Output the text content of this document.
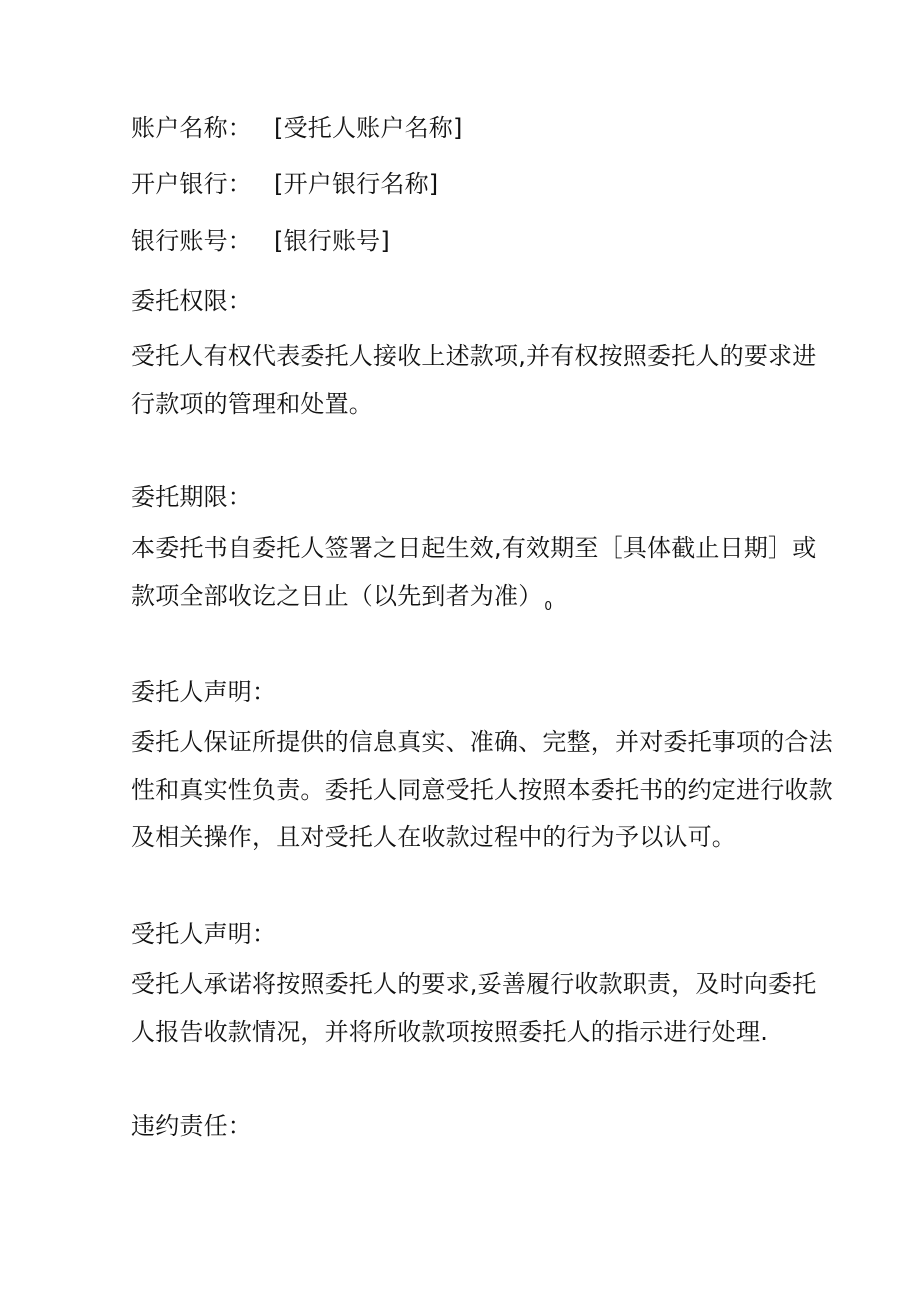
账户名称： [受托人账户名称]
开户银行： [开户银行名称]
银行账号： [银行账号]
委托权限：
受托人有权代表委托人接收上述款项,并有权按照委托人的要求进
行款项的管理和处置。
委托期限：
本委托书自委托人签署之日起生效,有效期至［具体截止日期］或
款项全部收讫之日止（以先到者为准） $_0$
委托人声明：
委托人保证所提供的信息真实、准确、完整，并对委托事项的合法
性和真实性负责。委托人同意受托人按照本委托书的约定进行收款
及相关操作，且对受托人在收款过程中的行为予以认可。
受托人声明：
受托人承诺将按照委托人的要求,妥善履行收款职责，及时向委托
人报告收款情况，并将所收款项按照委托人的指示进行处理.
违约责任：
